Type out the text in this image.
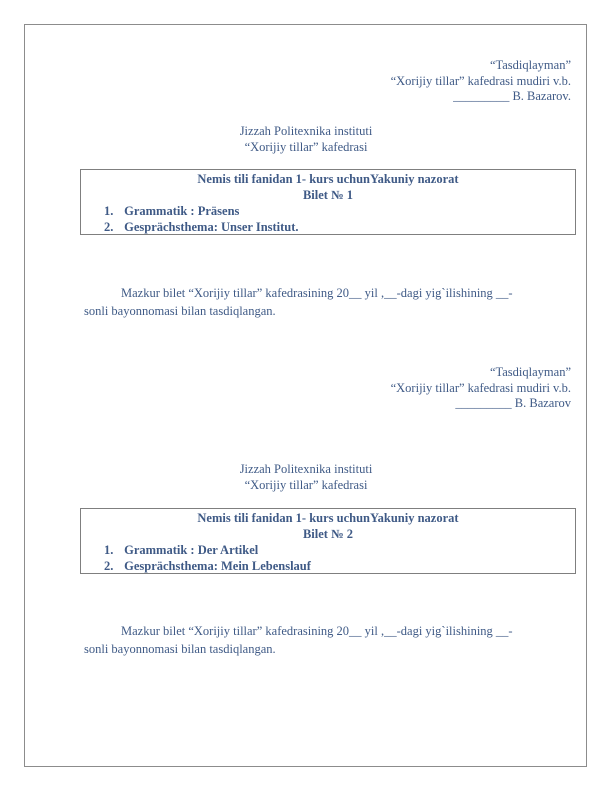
“Tasdiqlayman”
“Xorijiy tillar” kafedrasi mudiri v.b.
_________ B. Bazarov.
Jizzah Politexnika instituti
“Xorijiy tillar” kafedrasi
Nemis tili fanidan 1- kurs uchunYakuniy nazorat
Bilet № 1
1. Grammatik : Präsens
2. Gesprächsthema: Unser Institut.
Mazkur bilet “Xorijiy tillar” kafedrasining 20__ yil ,__-dagi yig`ilishining __-
sonli bayonnomasi bilan tasdiqlangan.
“Tasdiqlayman”
“Xorijiy tillar” kafedrasi mudiri v.b.
_________ B. Bazarov
Jizzah Politexnika instituti
“Xorijiy tillar” kafedrasi
Nemis tili fanidan 1- kurs uchunYakuniy nazorat
Bilet № 2
1. Grammatik : Der Artikel
2. Gesprächsthema: Mein Lebenslauf
Mazkur bilet “Xorijiy tillar” kafedrasining 20__ yil ,__-dagi yig`ilishining __-
sonli bayonnomasi bilan tasdiqlangan.
